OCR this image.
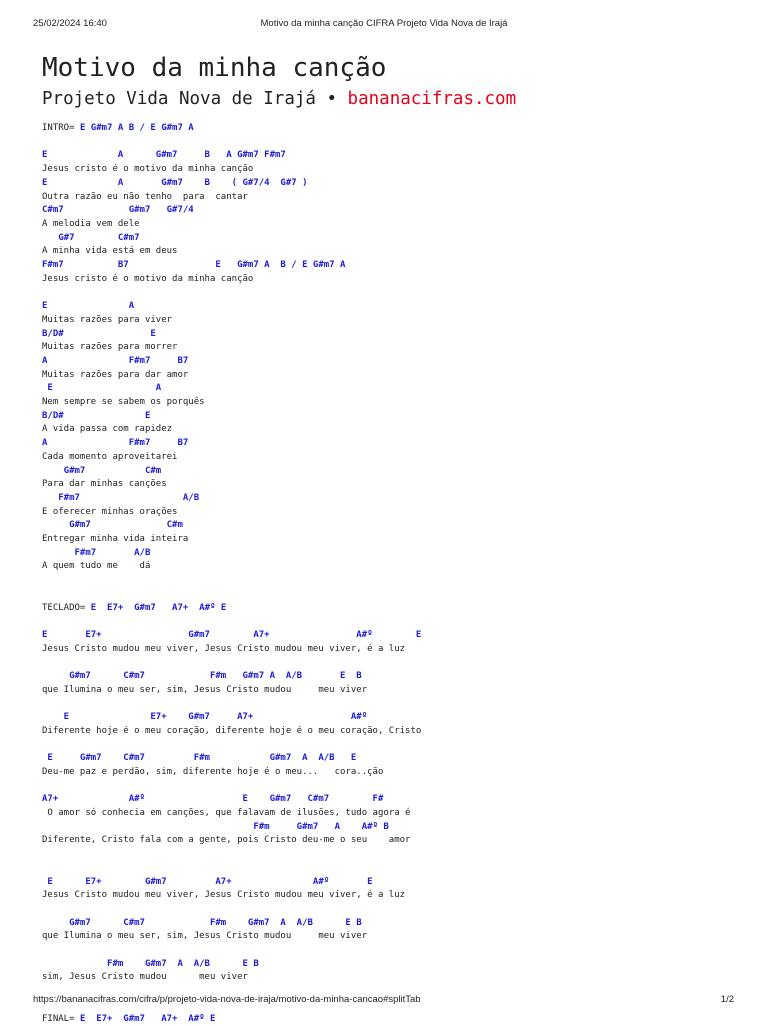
25/02/2024 16:40	Motivo da minha canção CIFRA Projeto Vida Nova de Irajá
Motivo da minha canção
Projeto Vida Nova de Irajá • bananacifras.com
INTRO= E G#m7 A B / E G#m7 A
E             A      G#m7     B   A G#m7 F#m7
Jesus cristo é o motivo da minha canção
E             A       G#m7    B    ( G#7/4  G#7 )
Outra razão eu não tenho  para  cantar
C#m7            G#m7   G#7/4
A melodia vem dele
G#7        C#m7
A minha vida está em deus
F#m7          B7                E   G#m7 A  B / E G#m7 A
Jesus cristo é o motivo da minha canção
E               A
Muitas razões para viver
B/D#                E
Muitas razões para morrer
A               F#m7     B7
Muitas razões para dar amor
E                   A
Nem sempre se sabem os porquês
B/D#               E
A vida passa com rapidez
A               F#m7     B7
Cada momento aproveitarei
G#m7           C#m
Para dar minhas canções
F#m7                   A/B
E oferecer minhas orações
G#m7              C#m
Entregar minha vida inteira
F#m7       A/B
A quem tudo me    dá
TECLADO= E  E7+  G#m7   A7+  A#º E
E       E7+                G#m7        A7+                A#º        E
Jesus Cristo mudou meu viver, Jesus Cristo mudou meu viver, é a luz
G#m7      C#m7            F#m   G#m7 A  A/B       E  B
que Ilumina o meu ser, sim, Jesus Cristo mudou     meu viver
E               E7+    G#m7     A7+                  A#º
Diferente hoje é o meu coração, diferente hoje é o meu coração, Cristo
E     G#m7    C#m7         F#m           G#m7  A  A/B   E
Deu-me paz e perdão, sim, diferente hoje é o meu...   cora..ção
A7+             A#º                  E    G#m7   C#m7        F#
O amor só conhecia em canções, que falavam de ilusões, tudo agora é
F#m     G#m7   A    A#º B
Diferente, Cristo fala com a gente, pois Cristo deu-me o seu    amor
E      E7+        G#m7         A7+               A#º       E
Jesus Cristo mudou meu viver, Jesus Cristo mudou meu viver, é a luz
G#m7      C#m7            F#m    G#m7  A  A/B      E B
que Ilumina o meu ser, sim, Jesus Cristo mudou     meu viver
F#m    G#m7  A  A/B      E B
sim, Jesus Cristo mudou      meu viver
FINAL= E  E7+  G#m7   A7+  A#º E
https://bananacifras.com/cifra/p/projeto-vida-nova-de-iraja/motivo-da-minha-cancao#splitTab	1/2
